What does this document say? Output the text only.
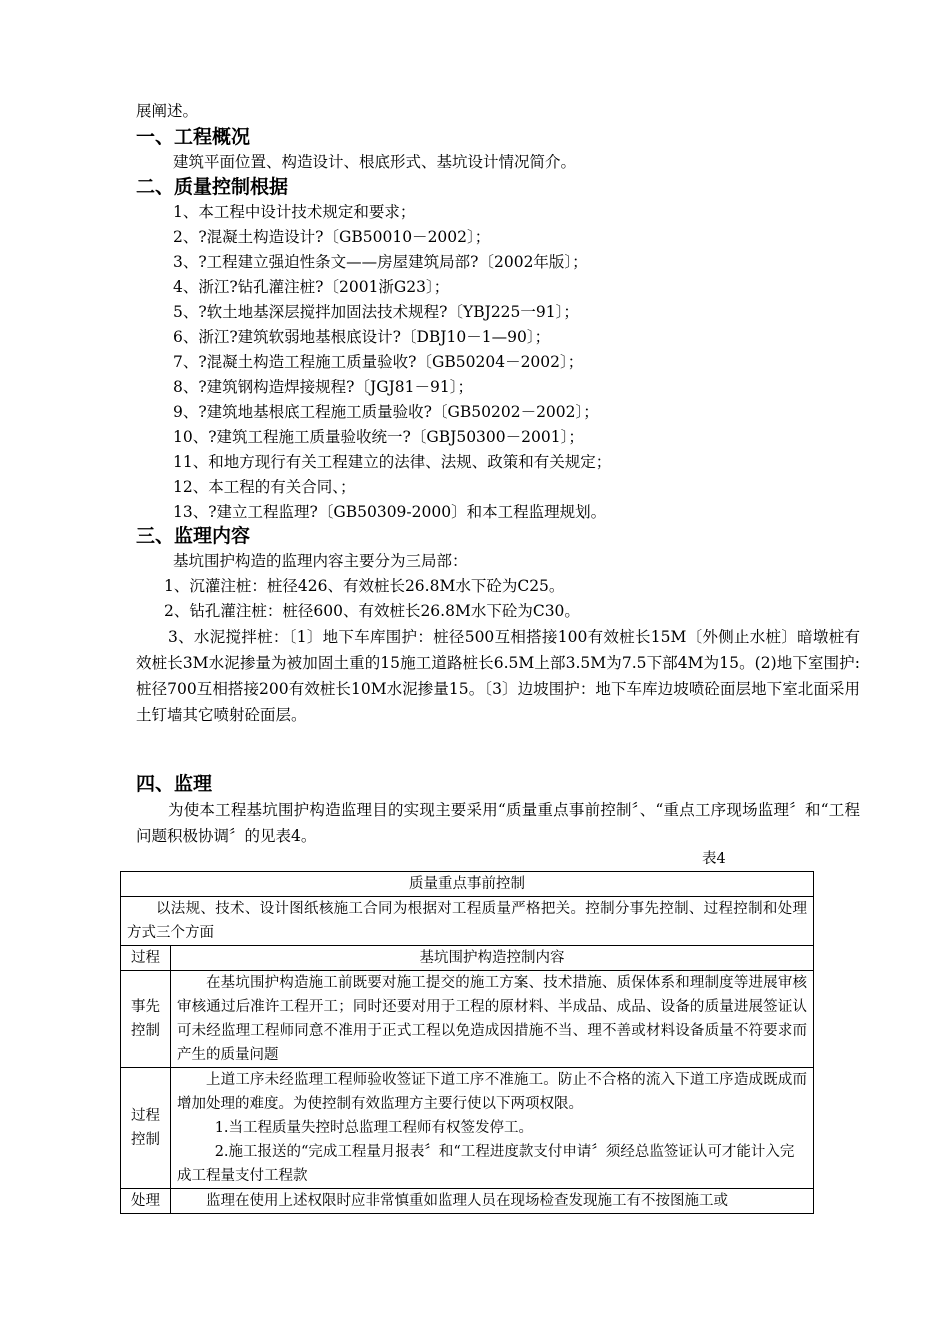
展阐述。
一、工程概况
建筑平面位置、构造设计、根底形式、基坑设计情况简介。
二、质量控制根据
1、本工程中设计技术规定和要求；
2、?混凝土构造设计?〔GB50010－2002〕；
3、?工程建立强迫性条文——房屋建筑局部?〔2002年版〕；
4、浙江?钻孔灌注桩?〔2001浙G23〕；
5、?软土地基深层搅拌加固法技术规程?〔YBJ225一91〕；
6、浙江?建筑软弱地基根底设计?〔DBJ10－1—90〕；
7、?混凝土构造工程施工质量验收?〔GB50204－2002〕；
8、?建筑钢构造焊接规程?〔JGJ81－91〕；
9、?建筑地基根底工程施工质量验收?〔GB50202－2002〕；
10、?建筑工程施工质量验收统一?〔GBJ50300－2001〕；
11、和地方现行有关工程建立的法律、法规、政策和有关规定；
12、本工程的有关合同、；
13、?建立工程监理?〔GB50309-2000〕和本工程监理规划。
三、监理内容
基坑围护构造的监理内容主要分为三局部：
1、沉灌注桩：桩径426、有效桩长26.8M水下砼为C25。
2、钻孔灌注桩：桩径600、有效桩长26.8M水下砼为C30。
3、水泥搅拌桩：〔1〕地下车库围护：桩径500互相搭接100有效桩长15M〔外侧止水桩〕暗墩桩有效桩长3M水泥掺量为被加固土重的15施工道路桩长6.5M上部3.5M为7.5下部4M为15。(2)地下室围护:桩径700互相搭接200有效桩长10M水泥掺量15。〔3〕边坡围护：地下车库边坡喷砼面层地下室北面采用土钉墙其它喷射砼面层。
四、监理
为使本工程基坑围护构造监理目的实现主要采用“质量重点事前控制〞、“重点工序现场监理〞和“工程问题积极协调〞的见表4。
表4
质量重点事前控制	

以法规、技术、设计图纸核施工合同为根据对工程质量严格把关。控制分事先控制、过程控制和处理方式三个方面	

过程	基坑围护构造控制内容
事先控制	在基坑围护构造施工前既要对施工提交的施工方案、技术措施、质保体系和理制度等进展审核审核通过后准许工程开工；同时还要对用于工程的原材料、半成品、成品、设备的质量进展签证认可未经监理工程师同意不准用于正式工程以免造成因措施不当、理不善或材料设备质量不符要求而产生的质量问题

过程控制	上道工序未经监理工程师验收签证下道工序不准施工。防止不合格的流入下道工序造成既成而增加处理的难度。为使控制有效监理方主要行使以下两项权限。
1.当工程质量失控时总监理工程师有权签发停工。
2.施工报送的“完成工程量月报表〞和“工程进度款支付申请〞须经总监签证认可才能计入完成工程量支付工程款

处理	监理在使用上述权限时应非常慎重如监理人员在现场检查发现施工有不按图施工或
